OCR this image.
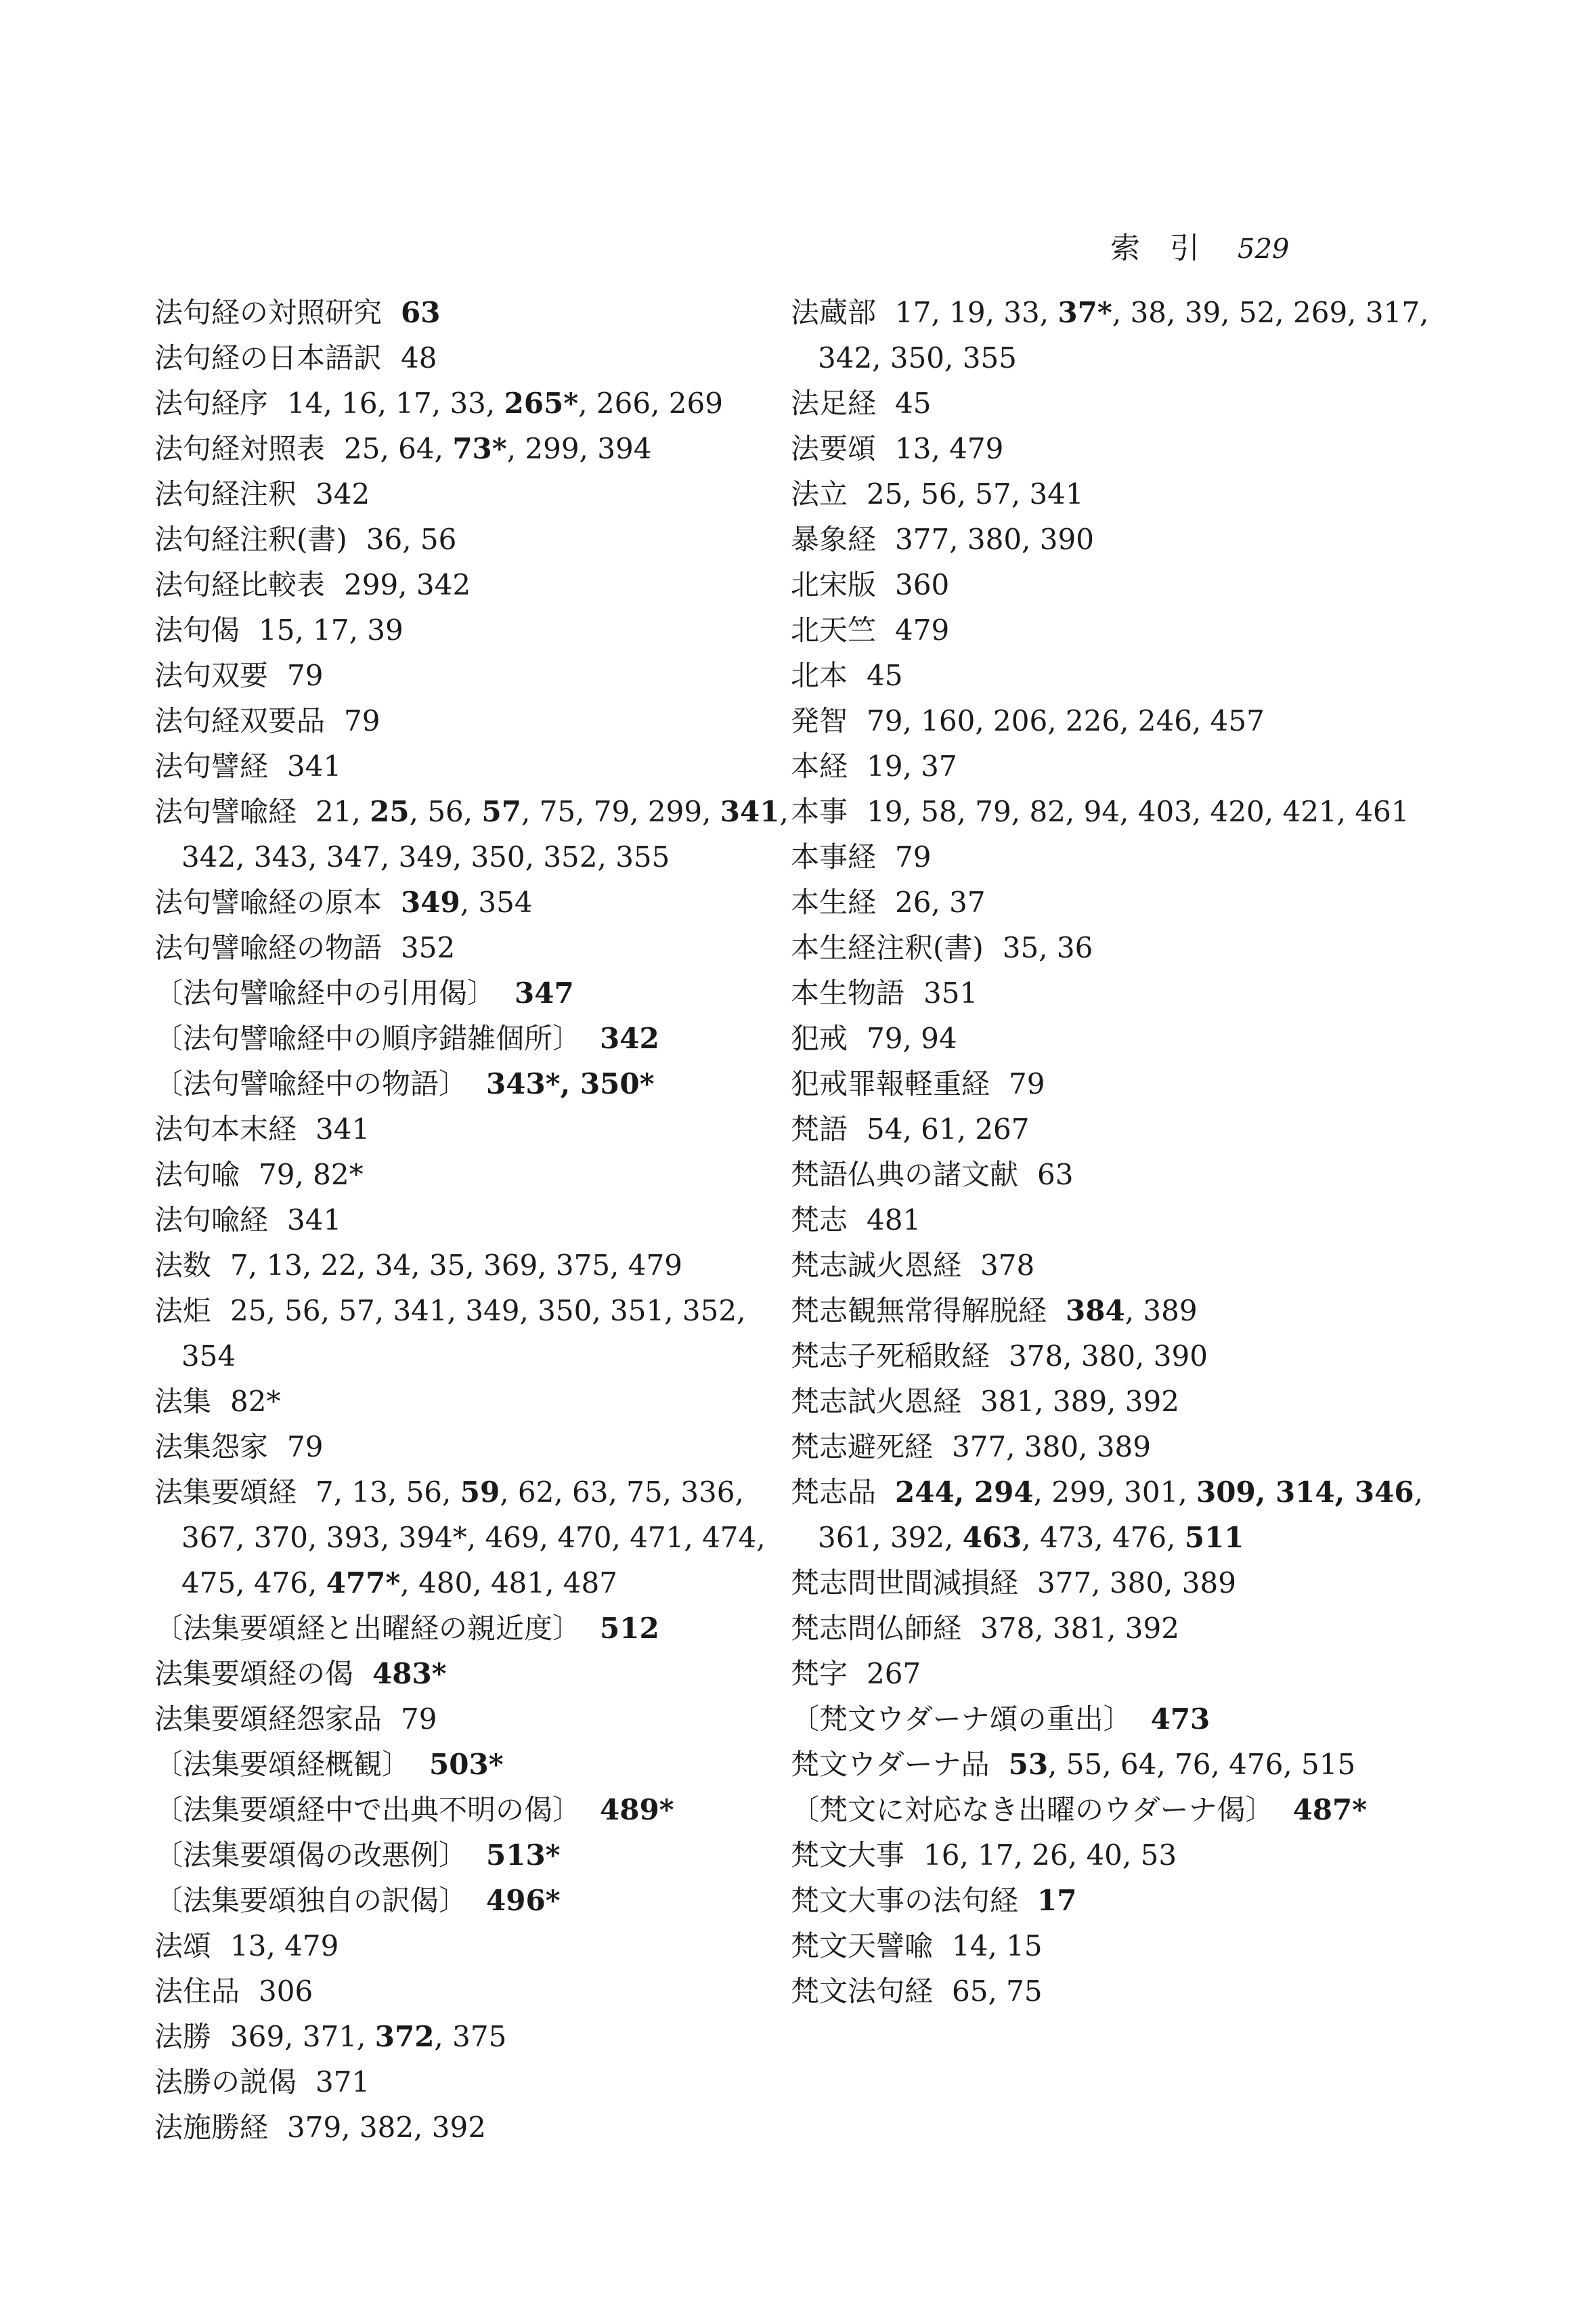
索引 529

法句経の対照研究 63

法句経の日本語訳 48

法句経序 14, 16, 17, 33, 265*, 266, 269

法句経対照表 25, 64, 73*, 299, 394

法句経注釈 342

法句経注釈(書) 36, 56

法句経比較表 299, 342

法句偈 15, 17, 39

法句双要 79

法句経双要品 79

法句譬経 341

法句譬喩経 21, 25, 56, 57, 75, 79, 299, 341, 342, 343, 347, 349, 350, 352, 355

法句譬喩経の原本 349, 354

法句譬喩経の物語 352

〔法句譬喩経中の引用偈〕 347

〔法句譬喩経中の順序錯雑個所〕 342

〔法句譬喩経中の物語〕 343*, 350*

法句本末経 341

法句喩 79, 82*

法句喩経 341

法数 7, 13, 22, 34, 35, 369, 375, 479

法炬 25, 56, 57, 341, 349, 350, 351, 352, 354

法集 82*

法集怨家 79

法集要頌経 7, 13, 56, 59, 62, 63, 75, 336, 367, 370, 393, 394*, 469, 470, 471, 474, 475, 476, 477*, 480, 481, 487

〔法集要頌経と出曜経の親近度〕 512

法集要頌経の偈 483*

法集要頌経怨家品 79

〔法集要頌経概観〕 503*

〔法集要頌経中で出典不明の偈〕 489*

〔法集要頌偈の改悪例〕 513*

〔法集要頌独自の訳偈〕 496*

法頌 13, 479

法住品 306

法勝 369, 371, 372, 375

法勝の説偈 371

法施勝経 379, 382, 392

法蔵部 17, 19, 33, 37*, 38, 39, 52, 269, 317, 342, 350, 355

法足経 45

法要頌 13, 479

法立 25, 56, 57, 341

暴象経 377, 380, 390

北宋版 360

北天竺 479

北本 45

発智 79, 160, 206, 226, 246, 457

本経 19, 37

本事 19, 58, 79, 82, 94, 403, 420, 421, 461

本事経 79

本生経 26, 37

本生経注釈(書) 35, 36

本生物語 351

犯戒 79, 94

犯戒罪報軽重経 79

梵語 54, 61, 267

梵語仏典の諸文献 63

梵志 481

梵志誠火恩経 378

梵志観無常得解脱経 384, 389

梵志子死稲敗経 378, 380, 390

梵志試火恩経 381, 389, 392

梵志避死経 377, 380, 389

梵志品 244, 294, 299, 301, 309, 314, 346, 361, 392, 463, 473, 476, 511

梵志問世間減損経 377, 380, 389

梵志問仏師経 378, 381, 392

梵字 267

〔梵文ウダーナ頌の重出〕 473

梵文ウダーナ品 53, 55, 64, 76, 476, 515

〔梵文に対応なき出曜のウダーナ偈〕 487*

梵文大事 16, 17, 26, 40, 53

梵文大事の法句経 17

梵文天譬喩 14, 15

梵文法句経 65, 75
